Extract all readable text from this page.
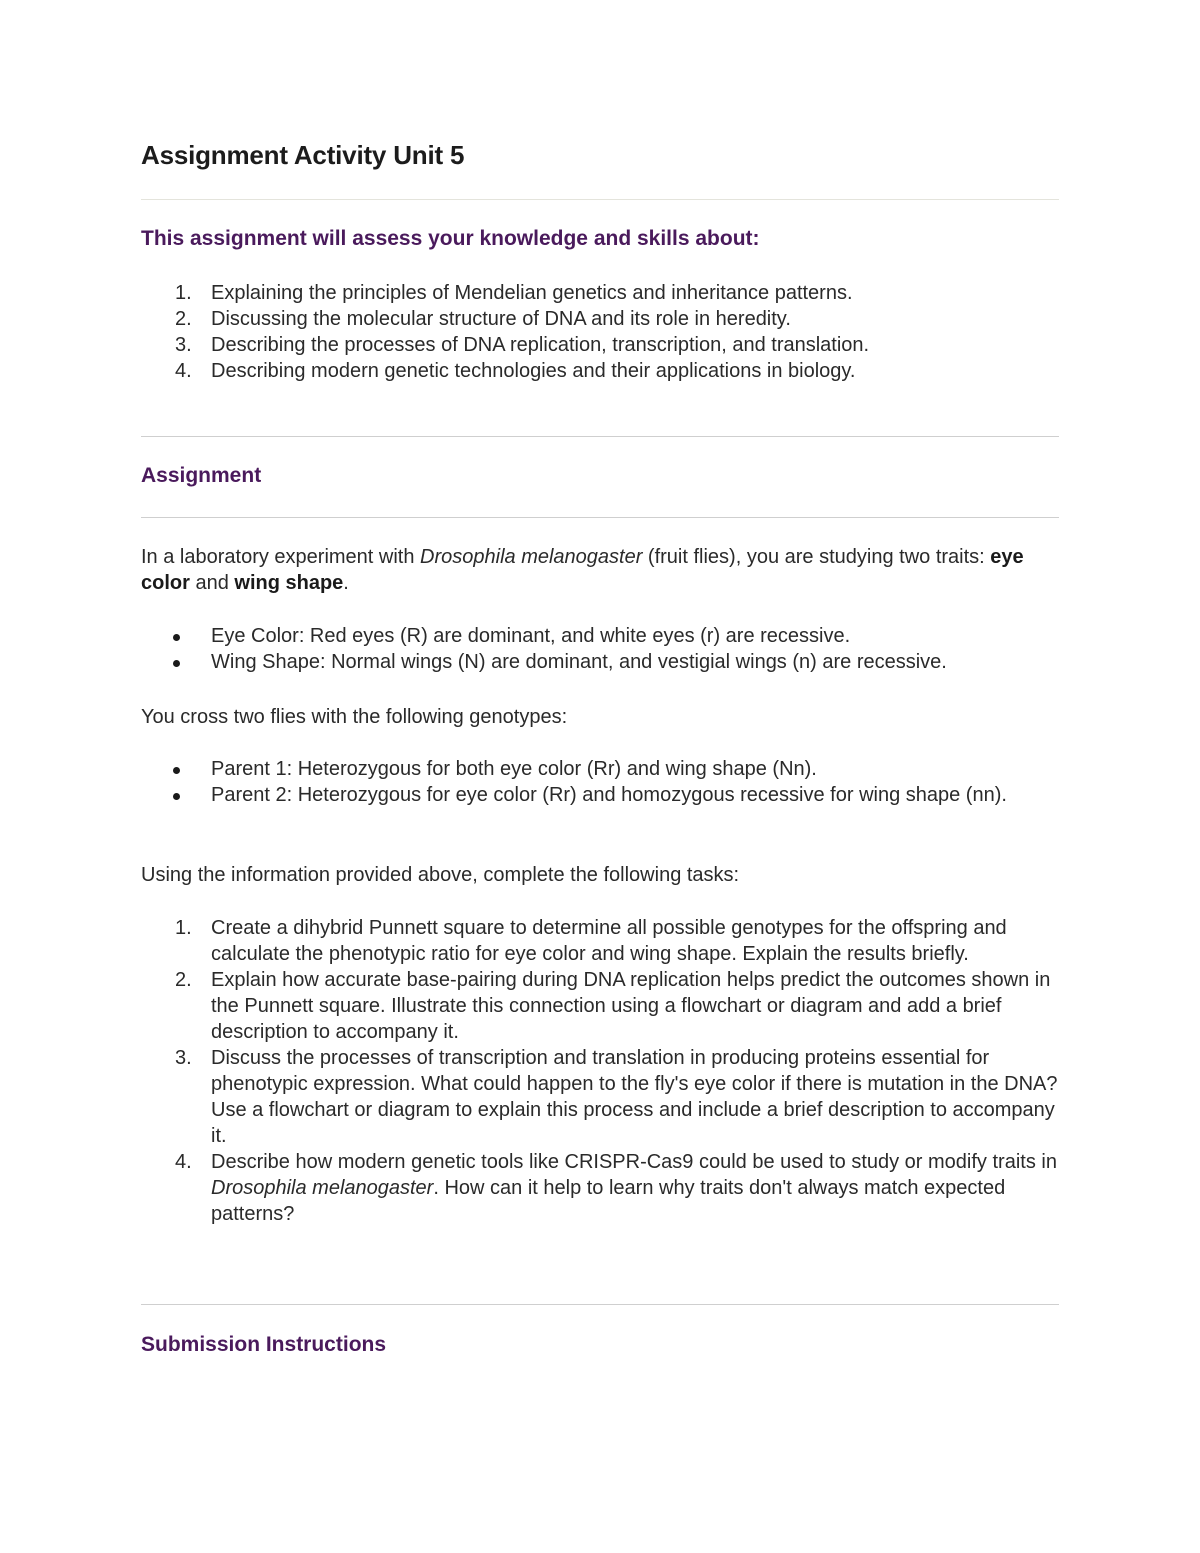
Assignment Activity Unit 5
This assignment will assess your knowledge and skills about:
1. Explaining the principles of Mendelian genetics and inheritance patterns.
2. Discussing the molecular structure of DNA and its role in heredity.
3. Describing the processes of DNA replication, transcription, and translation.
4. Describing modern genetic technologies and their applications in biology.
Assignment

In a laboratory experiment with Drosophila melanogaster (fruit flies), you are studying two traits: eye color and wing shape.

Eye Color: Red eyes (R) are dominant, and white eyes (r) are recessive.
Wing Shape: Normal wings (N) are dominant, and vestigial wings (n) are recessive.

You cross two flies with the following genotypes:

Parent 1: Heterozygous for both eye color (Rr) and wing shape (Nn).
Parent 2: Heterozygous for eye color (Rr) and homozygous recessive for wing shape (nn).

Using the information provided above, complete the following tasks:

1. Create a dihybrid Punnett square to determine all possible genotypes for the offspring and calculate the phenotypic ratio for eye color and wing shape. Explain the results briefly.
2. Explain how accurate base-pairing during DNA replication helps predict the outcomes shown in the Punnett square. Illustrate this connection using a flowchart or diagram and add a brief description to accompany it.
3. Discuss the processes of transcription and translation in producing proteins essential for phenotypic expression. What could happen to the fly's eye color if there is mutation in the DNA? Use a flowchart or diagram to explain this process and include a brief description to accompany it.
4. Describe how modern genetic tools like CRISPR-Cas9 could be used to study or modify traits in Drosophila melanogaster. How can it help to learn why traits don't always match expected patterns?
Submission Instructions
